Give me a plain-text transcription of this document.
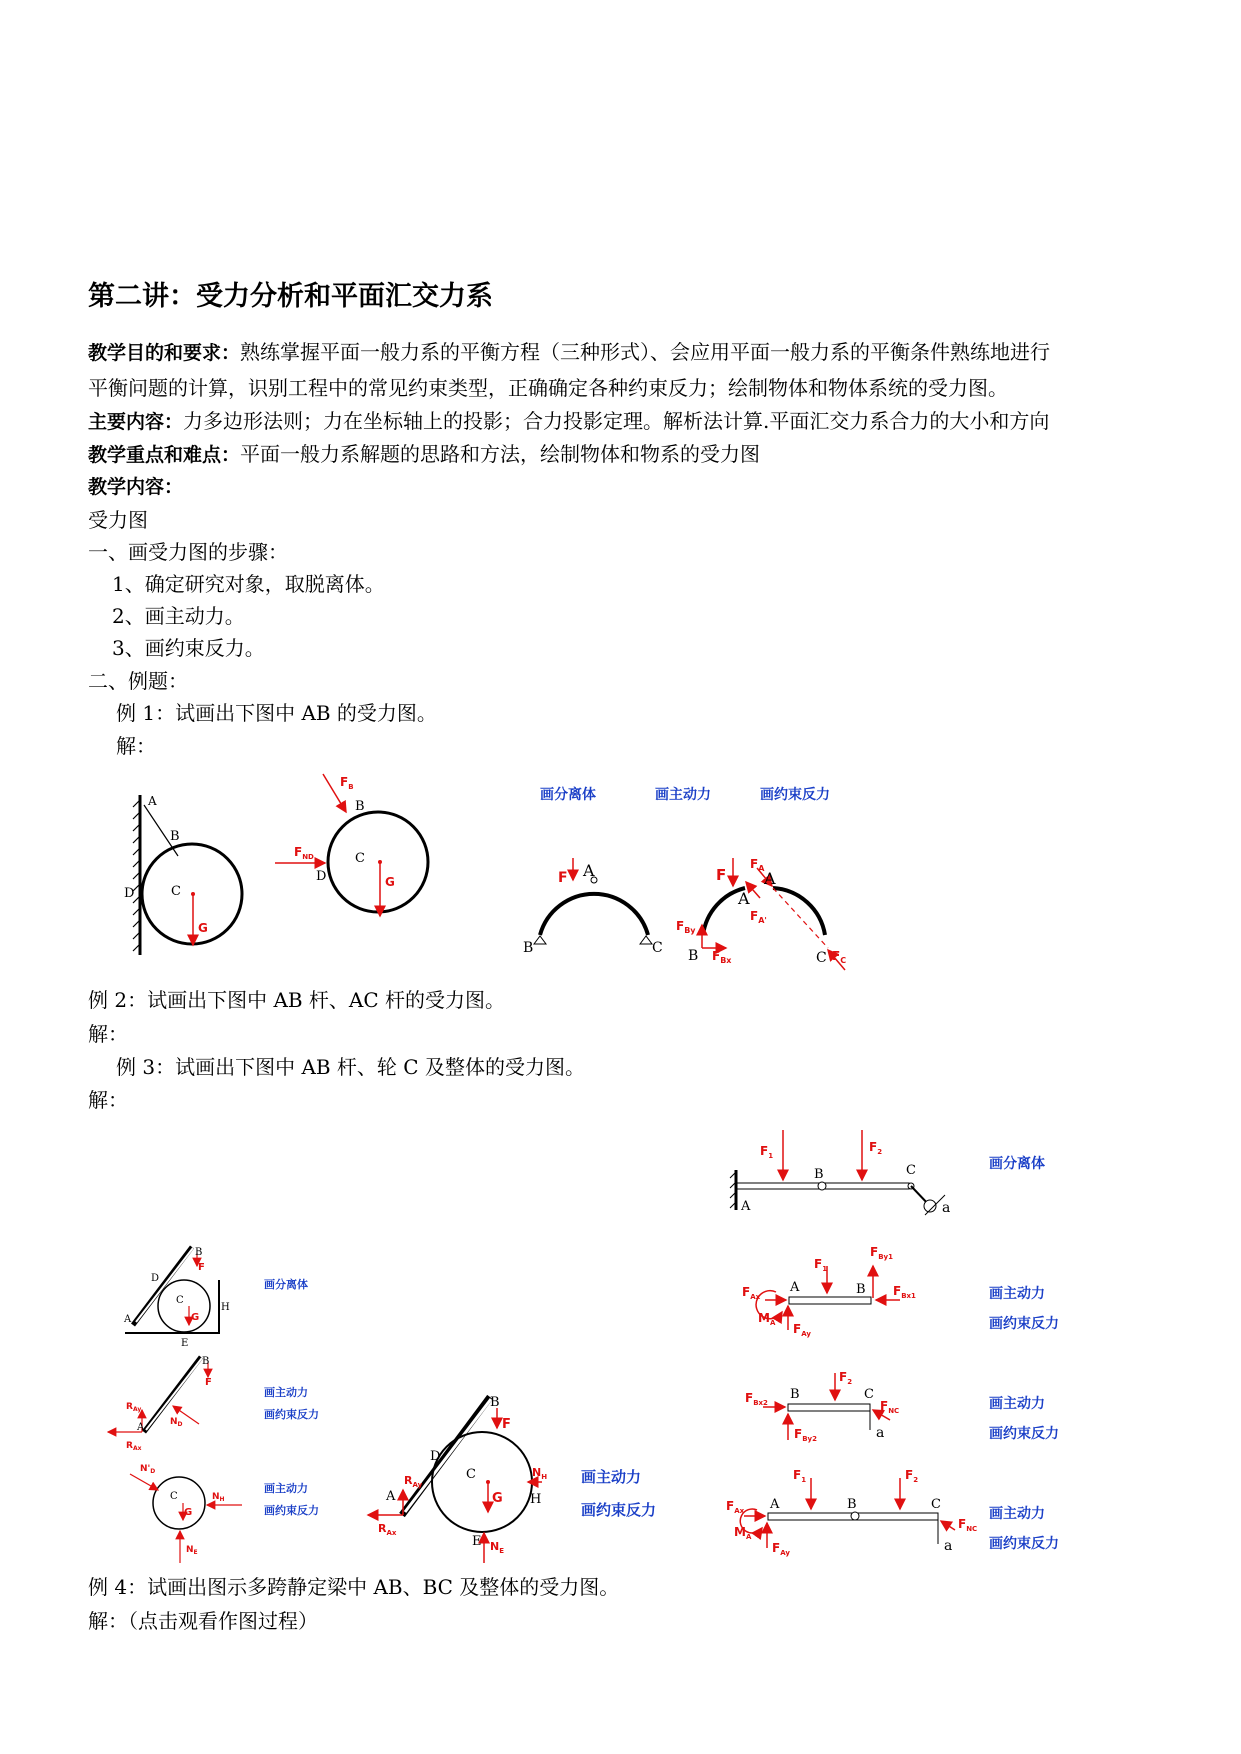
第二讲：受力分析和平面汇交力系
教学目的和要求：熟练掌握平面一般力系的平衡方程（三种形式）、会应用平面一般力系的平衡条件熟练地进行
平衡问题的计算，识别工程中的常见约束类型，正确确定各种约束反力；绘制物体和物体系统的受力图。
主要内容：力多边形法则；力在坐标轴上的投影；合力投影定理。解析法计算.平面汇交力系合力的大小和方向
教学重点和难点：平面一般力系解题的思路和方法，绘制物体和物系的受力图
教学内容：
受力图
一、画受力图的步骤：
1、确定研究对象，取脱离体。
2、画主动力。
3、画约束反力。
二、例题：
例 1：试画出下图中 AB 的受力图。
解：
例 2：试画出下图中 AB 杆、AC 杆的受力图。
解：
例 3：试画出下图中 AB 杆、轮 C 及整体的受力图。
解：
例 4：试画出图示多跨静定梁中 AB、BC 及整体的受力图。
解：（点击观看作图过程）
A
B
C
D
G
$F_B$
B
$F_{ND}$
D
C
G
画分离体	画主动力	画约束反力
F A
B	C
F
$F_A$
A
A
$F_{A'}$
$F_{By}$
B $F_{Bx}$	C $F_C$
B
F
D
C
G
H
A
E
画分离体
B
F
$N_D$
$R_{Ay}$
A
$R_{Ax}$
画主动力
画约束反力
$N'_D$
C
G
$N_H$
$N_E$
画主动力
画约束反力
B
F
D
C
G
$N_H$
H
E $N_E$
$R_{Ay}$
A
$R_{Ax}$
画主动力
画约束反力
$F_1$
$F_2$
B	C
A	a
画分离体
$F_1$
$F_{By1}$
A	B $F_{Bx1}$
$F_{Ax}$
$M_A$ $F_{Ay}$
画主动力
画约束反力
$F_2$
B	C
$F_{Bx2}$
$F_{By2}$
$F_{NC}$
a
画主动力
画约束反力
$F_1$	$F_2$
A	B	C
$F_{Ax}$
$M_A$
$F_{Ay}$
$F_{NC}$
a
画主动力
画约束反力
